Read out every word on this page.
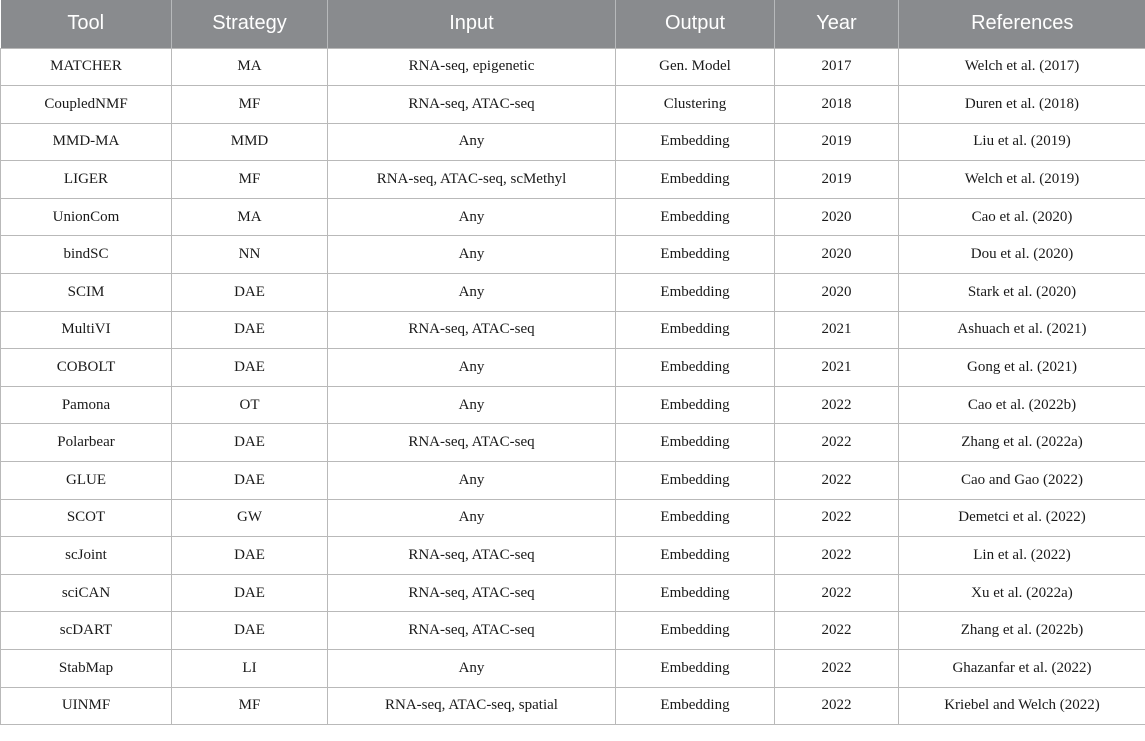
Tool	Strategy	Input	Output	Year	References
MATCHER	MA	RNA-seq, epigenetic	Gen. Model	2017	Welch et al. (2017)
CoupledNMF	MF	RNA-seq, ATAC-seq	Clustering	2018	Duren et al. (2018)
MMD-MA	MMD	Any	Embedding	2019	Liu et al. (2019)
LIGER	MF	RNA-seq, ATAC-seq, scMethyl	Embedding	2019	Welch et al. (2019)
UnionCom	MA	Any	Embedding	2020	Cao et al. (2020)
bindSC	NN	Any	Embedding	2020	Dou et al. (2020)
SCIM	DAE	Any	Embedding	2020	Stark et al. (2020)
MultiVI	DAE	RNA-seq, ATAC-seq	Embedding	2021	Ashuach et al. (2021)
COBOLT	DAE	Any	Embedding	2021	Gong et al. (2021)
Pamona	OT	Any	Embedding	2022	Cao et al. (2022b)
Polarbear	DAE	RNA-seq, ATAC-seq	Embedding	2022	Zhang et al. (2022a)
GLUE	DAE	Any	Embedding	2022	Cao and Gao (2022)
SCOT	GW	Any	Embedding	2022	Demetci et al. (2022)
scJoint	DAE	RNA-seq, ATAC-seq	Embedding	2022	Lin et al. (2022)
sciCAN	DAE	RNA-seq, ATAC-seq	Embedding	2022	Xu et al. (2022a)
scDART	DAE	RNA-seq, ATAC-seq	Embedding	2022	Zhang et al. (2022b)
StabMap	LI	Any	Embedding	2022	Ghazanfar et al. (2022)
UINMF	MF	RNA-seq, ATAC-seq, spatial	Embedding	2022	Kriebel and Welch (2022)
